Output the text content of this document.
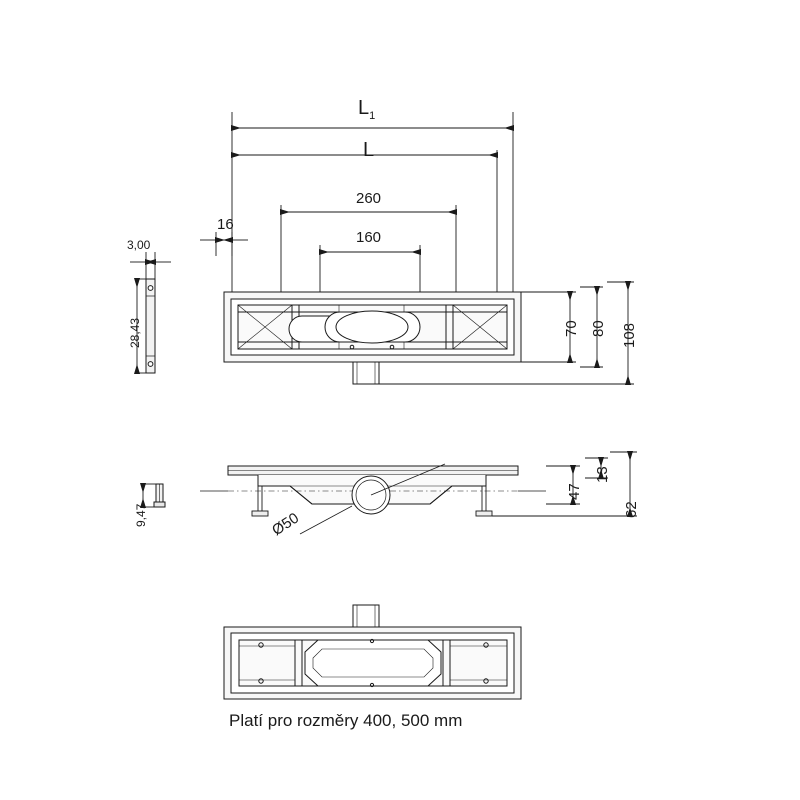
$L_1$
L
260
160
16
3,00
28,43
9,47
70 80 108
47
13
62
Ø50
Platí pro rozměry 400, 500 mm
